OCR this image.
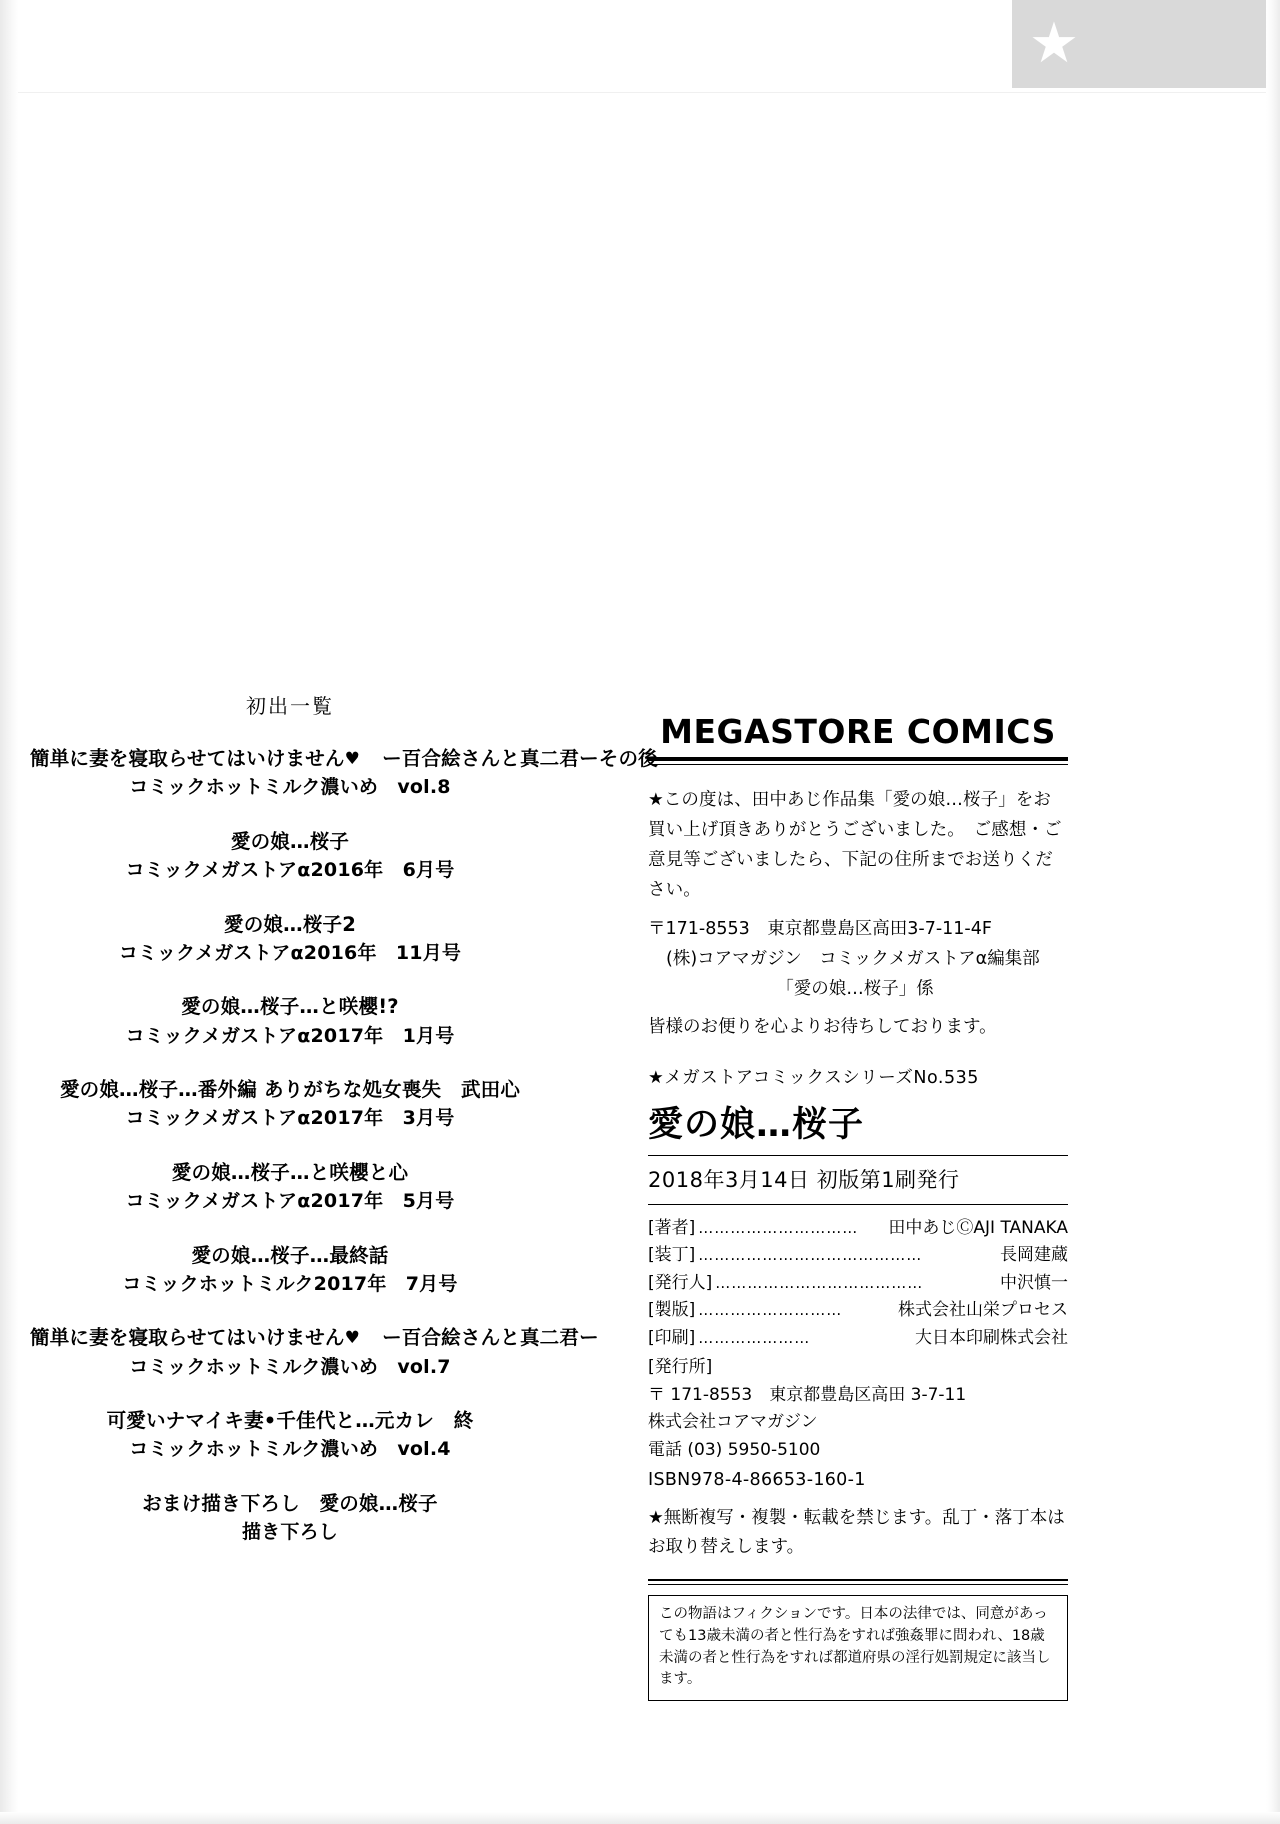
★
初出一覧
簡単に妻を寝取らせてはいけません♥ ー百合絵さんと真二君ーその後
コミックホットミルク濃いめ　vol.8
愛の娘…桜子
コミックメガストアα2016年　6月号
愛の娘…桜子2
コミックメガストアα2016年　11月号
愛の娘…桜子…と咲櫻!?
コミックメガストアα2017年　1月号
愛の娘…桜子…番外編 ありがちな処女喪失　武田心
コミックメガストアα2017年　3月号
愛の娘…桜子…と咲櫻と心
コミックメガストアα2017年　5月号
愛の娘…桜子…最終話
コミックホットミルク2017年　7月号
簡単に妻を寝取らせてはいけません♥ ー百合絵さんと真二君ー
コミックホットミルク濃いめ　vol.7
可愛いナマイキ妻•千佳代と…元カレ　終
コミックホットミルク濃いめ　vol.4
おまけ描き下ろし　愛の娘…桜子
描き下ろし
MEGASTORE COMICS
★この度は、田中あじ作品集「愛の娘…桜子」をお買い上げ頂きありがとうございました。　ご感想・ご意見等ございましたら、下記の住所までお送りください。
〒171-8553　東京都豊島区高田3-7-11-4F
(株)コアマガジン　コミックメガストアα編集部
「愛の娘…桜子」係
皆様のお便りを心よりお待ちしております。
★メガストアコミックスシリーズNo.535
愛の娘…桜子
2018年3月14日 初版第1刷発行
[著者] …………………………	田中あじⒸAJI TANAKA
[装丁] ……………………………………	長岡建蔵
[発行人] …………………………………	中沢慎一
[製版] ………………………	株式会社山栄プロセス
[印刷] …………………	大日本印刷株式会社
[発行所]
〒 171-8553　東京都豊島区高田 3-7-11
株式会社コアマガジン
電話 (03) 5950-5100
ISBN978-4-86653-160-1
★無断複写・複製・転載を禁じます。乱丁・落丁本はお取り替えします。
この物語はフィクションです。日本の法律では、同意があっても13歳未満の者と性行為をすれば強姦罪に問われ、18歳未満の者と性行為をすれば都道府県の淫行処罰規定に該当します。
